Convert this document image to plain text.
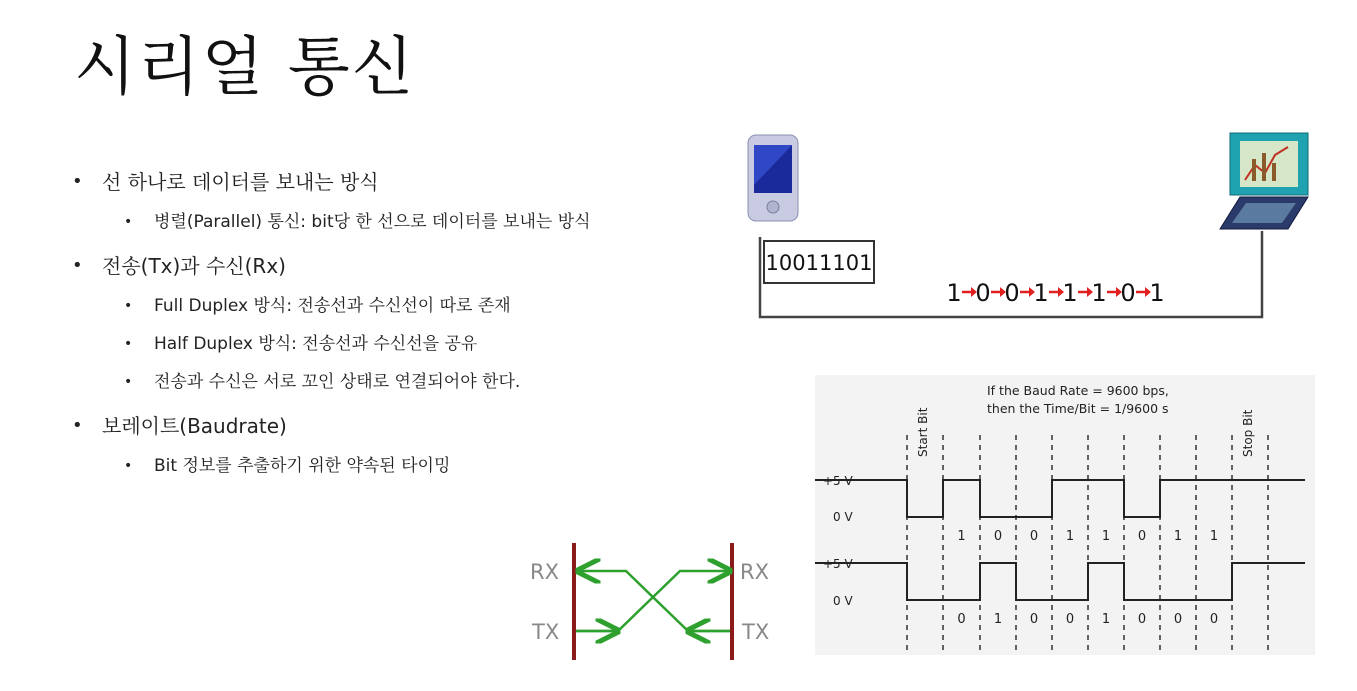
시리얼 통신
• 선 하나로 데이터를 보내는 방식
• 병렬(Parallel) 통신: bit당 한 선으로 데이터를 보내는 방식
• 전송(Tx)과 수신(Rx)
• Full Duplex 방식: 전송선과 수신선이 따로 존재
• Half Duplex 방식: 전송선과 수신선을 공유
• 전송과 수신은 서로 꼬인 상태로 연결되어야 한다.
• 보레이트(Baudrate)
• Bit 정보를 추출하기 위한 약속된 타이밍
10011101
1 0 0 1 1 1 0 1
RX
TX
RX
TX
If the Baud Rate = 9600 bps,
then the Time/Bit = 1/9600 s
Start Bit	Stop Bit
+5 V
0 V
+5 V
0 V
1 0 0 1 1 0 1 1
0 1 0 0 1 0 0 0
